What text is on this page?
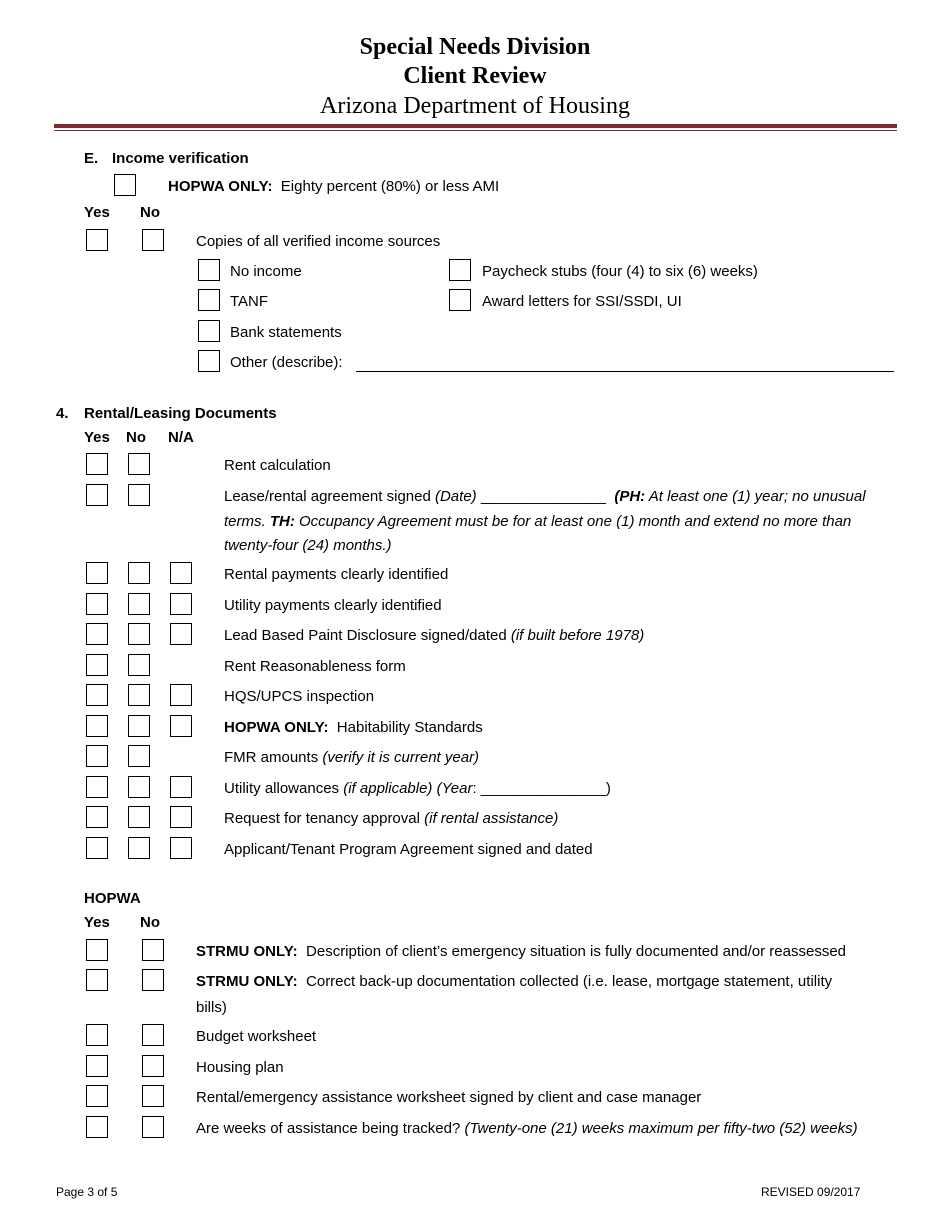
Special Needs Division
Client Review
Arizona Department of Housing
E. Income verification
HOPWA ONLY: Eighty percent (80%) or less AMI
Yes No
Copies of all verified income sources
No income	Paycheck stubs (four (4) to six (6) weeks)
TANF	Award letters for SSI/SSDI, UI
Bank statements
Other (describe):
4. Rental/Leasing Documents
Yes No N/A
Rent calculation
Lease/rental agreement signed (Date) _______________  (PH: At least one (1) year; no unusual
terms. TH: Occupancy Agreement must be for at least one (1) month and extend no more than
twenty-four (24) months.)
Rental payments clearly identified
Utility payments clearly identified
Lead Based Paint Disclosure signed/dated (if built before 1978)
Rent Reasonableness form
HQS/UPCS inspection
HOPWA ONLY: Habitability Standards
FMR amounts (verify it is current year)
Utility allowances (if applicable) (Year: _______________)
Request for tenancy approval (if rental assistance)
Applicant/Tenant Program Agreement signed and dated
HOPWA
Yes No
STRMU ONLY: Description of client’s emergency situation is fully documented and/or reassessed
STRMU ONLY: Correct back-up documentation collected (i.e. lease, mortgage statement, utility
bills)
Budget worksheet
Housing plan
Rental/emergency assistance worksheet signed by client and case manager
Are weeks of assistance being tracked? (Twenty-one (21) weeks maximum per fifty-two (52) weeks)
Page 3 of 5	REVISED 09/2017
